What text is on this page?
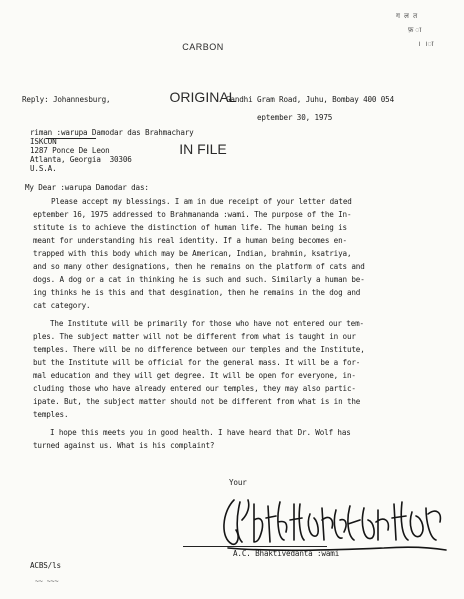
CARBON

ORIGINAL

IN FILE

ग ल त
फ़ ा
। ।ा
Reply: Johannesburg,	Gandhi Gram Road, Juhu, Bombay 400 054
eptember 30, 1975
riman :warupa Damodar das Brahmachary
ISKCON
1287 Ponce De Leon
Atlanta, Georgia  30306
U.S.A.
My Dear :warupa Damodar das:
Please accept my blessings. I am in due receipt of your letter dated
eptember 16, 1975 addressed to Brahmananda :wami. The purpose of the In-
stitute is to achieve the distinction of human life. The human being is
meant for understanding his real identity. If a human being becomes en-
trapped with this body which may be American, Indian, brahmin, ksatriya,
and so many other designations, then he remains on the platform of cats and
dogs. A dog or a cat in thinking he is such and such. Similarly a human be-
ing thinks he is this and that desgination, then he remains in the dog and
cat category.
The Institute will be primarily for those who have not entered our tem-
ples. The subject matter will not be different from what is taught in our
temples. There will be no difference between our temples and the Institute,
but the Institute will be official for the general mass. It will be a for-
mal education and they will get degree. It will be open for everyone, in-
cluding those who have already entered our temples, they may also partic-
ipate. But, the subject matter should not be different from what is in the
temples.
I hope this meets you in good health. I have heard that Dr. Wolf has
turned against us. What is his complaint?
Your

A.C. Bhaktivedanta :wami
ACBS/ls
~~ ~~~
